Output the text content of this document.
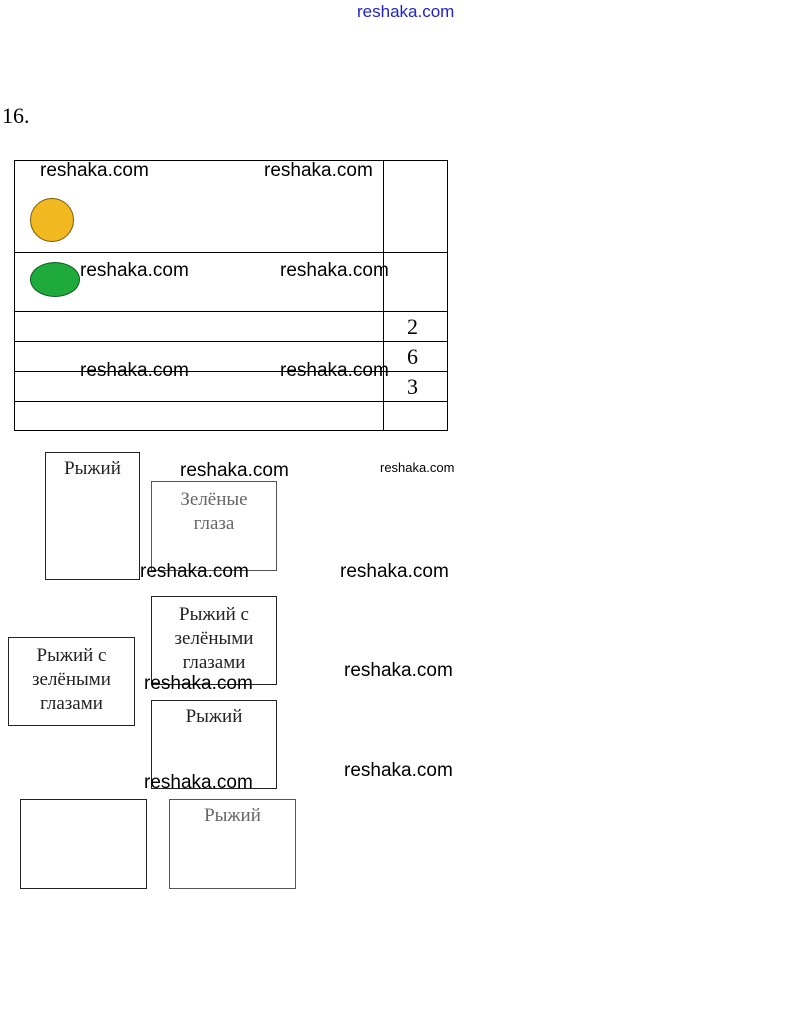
reshaka.com
16.
2
6
3
Рыжий
Зелёные глаза
Рыжий с зелёными глазами
Рыжий с зелёными глазами
Рыжий
Рыжий
reshaka.com	reshaka.com
reshaka.com	reshaka.com
reshaka.com	reshaka.com
reshaka.com	reshaka.com
reshaka.com	reshaka.com
reshaka.com
reshaka.com
reshaka.com
reshaka.com
